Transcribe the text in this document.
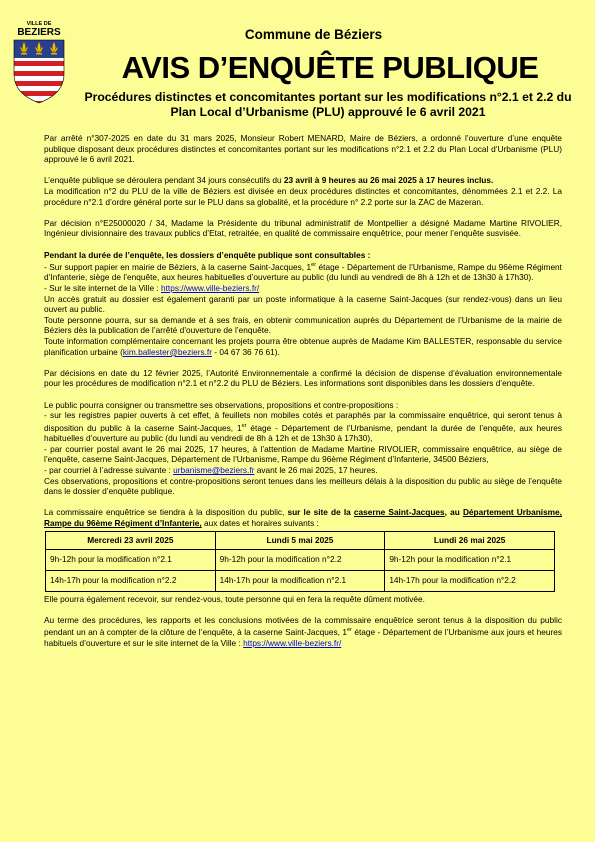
VILLE DE
BEZIERS	Commune de Béziers
AVIS D’ENQUÊTE PUBLIQUE
Procédures distinctes et concomitantes portant sur les modifications n°2.1 et 2.2 du Plan Local d’Urbanisme (PLU) approuvé le 6 avril 2021

Par arrêté n°307-2025 en date du 31 mars 2025, Monsieur Robert MENARD, Maire de Béziers, a ordonné l’ouverture d’une enquête publique disposant deux procédures distinctes et concomitantes portant sur les modifications n°2.1 et 2.2 du Plan Local d’Urbanisme (PLU) approuvé le 6 avril 2021.

L’enquête publique se déroulera pendant 34 jours consécutifs du 23 avril à 9 heures au 26 mai 2025 à 17 heures inclus.
La modification n°2 du PLU de la ville de Béziers est divisée en deux procédures distinctes et concomitantes, dénommées 2.1 et 2.2. La procédure n°2.1 d’ordre général porte sur le PLU dans sa globalité, et la procédure n° 2.2 porte sur la ZAC de Mazeran.

Par décision n°E25000020 / 34, Madame la Présidente du tribunal administratif de Montpellier a désigné Madame Martine RIVOLIER, Ingénieur divisionnaire des travaux publics d’Etat, retraitée, en qualité de commissaire enquêtrice, pour mener l’enquête susvisée.

Pendant la durée de l’enquête, les dossiers d’enquête publique sont consultables :
- Sur support papier en mairie de Béziers, à la caserne Saint-Jacques, 1er étage - Département de l’Urbanisme, Rampe du 96ème Régiment d’Infanterie, siège de l’enquête, aux heures habituelles d’ouverture au public (du lundi au vendredi de 8h à 12h et de 13h30 à 17h30).
- Sur le site internet de la Ville : https://www.ville-beziers.fr/
Un accès gratuit au dossier est également garanti par un poste informatique à la caserne Saint-Jacques (sur rendez-vous) dans un lieu ouvert au public.
Toute personne pourra, sur sa demande et à ses frais, en obtenir communication auprès du Département de l’Urbanisme de la mairie de Béziers dès la publication de l’arrêté d’ouverture de l’enquête.
Toute information complémentaire concernant les projets pourra être obtenue auprès de Madame Kim BALLESTER, responsable du service planification urbaine (kim.ballester@beziers.fr - 04 67 36 76 61).

Par décisions en date du 12 février 2025, l’Autorité Environnementale a confirmé la décision de dispense d’évaluation environnementale pour les procédures de modification n°2.1 et n°2.2 du PLU de Béziers. Les informations sont disponibles dans les dossiers d’enquête.

Le public pourra consigner ou transmettre ses observations, propositions et contre-propositions :
- sur les registres papier ouverts à cet effet, à feuillets non mobiles cotés et paraphés par la commissaire enquêtrice, qui seront tenus à disposition du public à la caserne Saint-Jacques, 1er étage - Département de l’Urbanisme, pendant la durée de l’enquête, aux heures habituelles d’ouverture au public (du lundi au vendredi de 8h à 12h et de 13h30 à 17h30),
- par courrier postal avant le 26 mai 2025, 17 heures, à l’attention de Madame Martine RIVOLIER, commissaire enquêtrice, au siège de l’enquête, caserne Saint-Jacques, Département de l’Urbanisme, Rampe du 96ème Régiment d’Infanterie, 34500 Béziers,
- par courriel à l’adresse suivante : urbanisme@beziers.fr avant le 26 mai 2025, 17 heures.
Ces observations, propositions et contre-propositions seront tenues dans les meilleurs délais à la disposition du public au siège de l’enquête dans le dossier d’enquête publique.

La commissaire enquêtrice se tiendra à la disposition du public, sur le site de la caserne Saint-Jacques, au Département Urbanisme, Rampe du 96ème Régiment d’Infanterie, aux dates et horaires suivants :

Mercredi 23 avril 2025	Lundi 5 mai 2025	Lundi 26 mai 2025
9h-12h pour la modification n°2.1	9h-12h pour la modification n°2.2	9h-12h pour la modification n°2.1
14h-17h pour la modification n°2.2	14h-17h pour la modification n°2.1	14h-17h pour la modification n°2.2

Elle pourra également recevoir, sur rendez-vous, toute personne qui en fera la requête dûment motivée.

Au terme des procédures, les rapports et les conclusions motivées de la commissaire enquêtrice seront tenus à la disposition du public pendant un an à compter de la clôture de l’enquête, à la caserne Saint-Jacques, 1er étage - Département de l’Urbanisme aux jours et heures habituels d’ouverture et sur le site internet de la Ville : https://www.ville-beziers.fr/
